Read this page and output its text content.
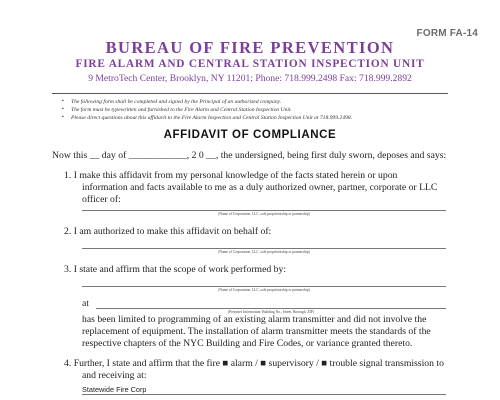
FORM FA-14
BUREAU OF FIRE PREVENTION
FIRE ALARM AND CENTRAL STATION INSPECTION UNIT
9 MetroTech Center, Brooklyn, NY 11201; Phone: 718.999.2498 Fax: 718.999.2892
▪ The following form shall be completed and signed by the Principal of an authorized company.
▪ The form must be typewritten and furnished to the Fire Alarm and Central Station Inspection Unit.
▪ Please direct questions about this affidavit to the Fire Alarm Inspection and Central Station Inspection Unit at 718.999.2498.
AFFIDAVIT OF COMPLIANCE
Now this __ day of ____________, 2 0 __, the undersigned, being first duly sworn, deposes and says:
1. I make this affidavit from my personal knowledge of the facts stated herein or upon
information and facts available to me as a duly authorized owner, partner, corporate or LLC
officer of:
(Name of Corporation, LLC, sole proprietorship or partnership)
2. I am authorized to make this affidavit on behalf of:
(Name of Corporation, LLC, sole proprietorship or partnership)
3. I state and affirm that the scope of work performed by:
(Name of Corporation, LLC, sole proprietorship or partnership)
at
(Premises Information: Building No., Street, Borough, ZIP)
has been limited to programming of an existing alarm transmitter and did not involve the
replacement of equipment. The installation of alarm transmitter meets the standards of the
respective chapters of the NYC Building and Fire Codes, or variance granted thereto.
4. Further, I state and affirm that the fire ■ alarm / ■ supervisory / ■ trouble signal transmission to
and receiving at:
Statewide Fire Corp
